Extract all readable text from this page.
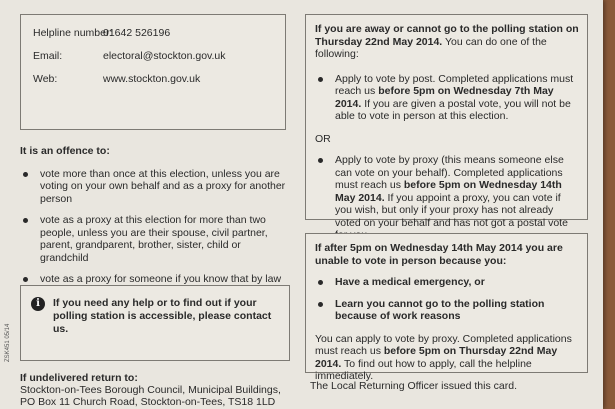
Helpline number:01642 526196
Email:	electoral@stockton.gov.uk
Web:	www.stockton.gov.uk
It is an offence to:
vote more than once at this election, unless you are voting on your own behalf and as a proxy for another person
vote as a proxy at this election for more than two people, unless you are their spouse, civil partner, parent, grandparent, brother, sister, child or grandchild
vote as a proxy for someone if you know that by law
i	If you need any help or to find out if your polling station is accessible, please contact us.
ZSK451 05/14
If undelivered return to:
Stockton-on-Tees Borough Council, Municipal Buildings,
PO Box 11 Church Road, Stockton-on-Tees, TS18 1LD
If you are away or cannot go to the polling station on Thursday 22nd May 2014. You can do one of the following:
Apply to vote by post. Completed applications must reach us before 5pm on Wednesday 7th May 2014. If you are given a postal vote, you will not be able to vote in person at this election.
OR
Apply to vote by proxy (this means someone else can vote on your behalf). Completed applications must reach us before 5pm on Wednesday 14th May 2014. If you appoint a proxy, you can vote if you wish, but only if your proxy has not already voted on your behalf and has not got a postal vote
If after 5pm on Wednesday 14th May 2014 you are unable to vote in person because you:
Have a medical emergency, or
Learn you cannot go to the polling station because of work reasons
You can apply to vote by proxy. Completed applications must reach us before 5pm on Thursday 22nd May 2014. To find out how to apply, call the helpline immediately.
The Local Returning Officer issued this card.
